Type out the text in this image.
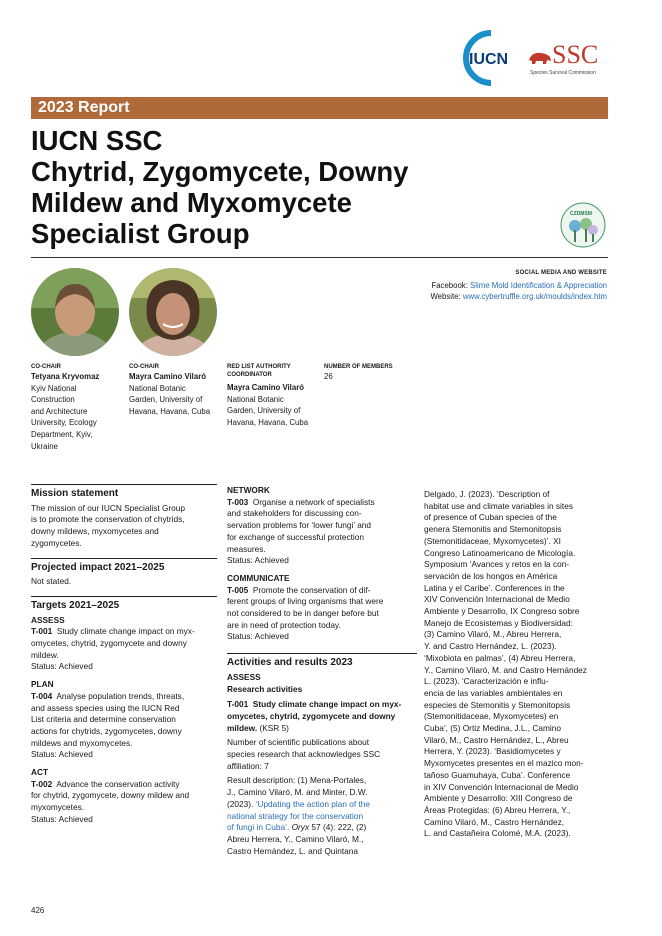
IUCN SSC
Species Survival Commission
2023 Report
IUCN SSC
Chytrid, Zygomycete, Downy
Mildew and Myxomycete
Specialist Group
CZDMSM
SOCIAL MEDIA AND WEBSITE
Facebook: Slime Mold Identification & Appreciation
Website: www.cybertruffle.org.uk/moulds/index.htm
CO-CHAIR
Tetyana Kryvomaz
Kyiv National
Construction
and Architecture
University, Ecology
Department, Kyiv,
Ukraine
CO-CHAIR
Mayra Camino Vilaró
National Botanic
Garden, University of
Havana, Havana, Cuba
RED LIST AUTHORITY
COORDINATOR
Mayra Camino Vilaró
National Botanic
Garden, University of
Havana, Havana, Cuba
NUMBER OF MEMBERS
26
Mission statement
The mission of our IUCN Specialist Group
is to promote the conservation of chytrids,
downy mildews, myxomycetes and
zygomycetes.
Projected impact 2021–2025
Not stated.
Targets 2021–2025
ASSESS
T-001 Study climate change impact on myx-
omycetes, chytrid, zygomycete and downy
mildew.
Status: Achieved
PLAN
T-004 Analyse population trends, threats,
and assess species using the IUCN Red
List criteria and determine conservation
actions for chytrids, zygomycetes, downy
mildews and myxomycetes.
Status: Achieved
ACT
T-002 Advance the conservation activity
for chytrid, zygomycete, downy mildew and
myxomycetes.
Status: Achieved
NETWORK
T-003 Organise a network of specialists
and stakeholders for discussing con-
servation problems for ‘lower fungi’ and
for exchange of successful protection
measures.
Status: Achieved
COMMUNICATE
T-005 Promote the conservation of dif-
ferent groups of living organisms that were
not considered to be in danger before but
are in need of protection today.
Status: Achieved
Activities and results 2023
ASSESS
Research activities
T-001 Study climate change impact on myx-
omycetes, chytrid, zygomycete and downy
mildew. (KSR 5)
Number of scientific publications about
species research that acknowledges SSC
affiliation: 7
Result description: (1) Mena-Portales,
J., Camino Vilaró, M. and Minter, D.W.
(2023). ‘Updating the action plan of the
national strategy for the conservation
of fungi in Cuba’. Oryx 57 (4): 222, (2)
Abreu Herrera, Y., Camino Vilaró, M.,
Castro Hernández, L. and Quintana
Delgado, J. (2023). ‘Description of
habitat use and climate variables in sites
of presence of Cuban species of the
genera Stemonitis and Stemonitopsis
(Stemonitidaceae, Myxomycetes)’. XI
Congreso Latinoamericano de Micología.
Symposium ‘Avances y retos en la con-
servación de los hongos en América
Latina y el Caribe’. Conferences in the
XIV Convención Internacional de Medio
Ambiente y Desarrollo, IX Congreso sobre
Manejo de Ecosistemas y Biodiversidad:
(3) Camino Vilaró, M., Abreu Herrera,
Y. and Castro Hernández, L. (2023).
‘Mixobiota en palmas’, (4) Abreu Herrera,
Y., Camino Vilaró, M. and Castro Hernández
L. (2023). ‘Caracterización e influ-
encia de las variables ambientales en
especies de Stemonitis y Stemonitopsis
(Stemonitidaceae, Myxomycetes) en
Cuba’, (5) Ortiz Medina, J.L., Camino
Vilaró, M., Castro Hernández, L., Abreu
Herrera, Y. (2023). ‘Basidiomycetes y
Myxomycetes presentes en el mazico mon-
tañoso Guamuhaya, Cuba’. Conference
in XIV Convención Internacional de Medio
Ambiente y Desarrollo: XIII Congreso de
Áreas Protegidas: (6) Abreu Herrera, Y.,
Camino Vilaró, M., Castro Hernández,
L. and Castañeira Colomé, M.A. (2023).
426
